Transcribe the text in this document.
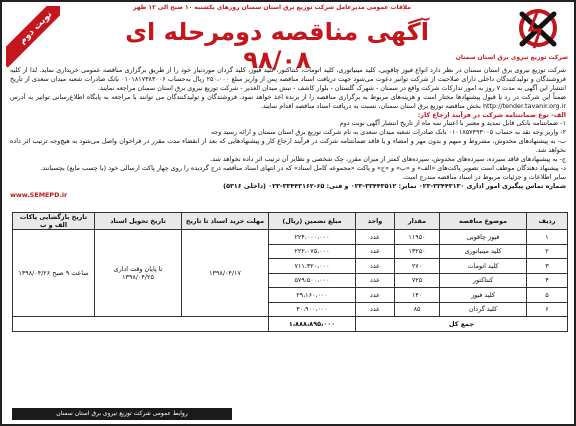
ملاقات عمومی مدیرعامل شرکت توزیع برق استان سمنان روزهای یکشنبه ۱۰ صبح الی ۱۲ ظهر
نوبت دوم
شرکت توزیع نیروی برق استان سمنان
آگهی مناقصه دومرحله ای ۹۸/۰۸

شرکت توزیع نیروی برق استان سمنان در نظر دارد انواع فیوز چاقویی، کلید مینیاتوری، کلید اتومات، کنتاکتور، کلید فیوز، کلید گردان موردنیاز خود را از طریق برگزاری مناقصه عمومی خریداری نماید. لذا از کلیه فروشندگان و تولیدکنندگان داخلی دارای صلاحیت از شرکت توانیر دعوت می‌شود جهت دریافت اسناد مناقصه پس از واریز مبلغ ۲۵۰،۰۰۰ ریال به‌حساب ۰۱۰۱۸۱۷۳۸۳۰۰۶ بانک صادرات شعبه میدان سعدی از تاریخ انتشار این آگهی به مدت ۷ روز به امور تدارکات شرکت واقع در سمنان - شهرک گلستان - بلوار کاشف - نبش میدان الغدیر - شرکت توزیع نیروی برق استان سمنان مراجعه نمایند.

ضمناً این شرکت در رد یا قبول پیشنهادها مختار است و هزینه‌های مربوط به برگزاری مناقصه را از برنده اخذ خواهد نمود. فروشندگان و تولیدکنندگان می توانند با مراجعه به پایگاه اطلاع‌رسانی توانیر به آدرس http://tender.tavanir.org.ir بخش مناقصه توزیع برق استان سمنان، نسبت به دریافت اسناد مناقصه اقدام نمایند.

الف- نوع ضمانتنامه شرکت در فرآیند ارجاع کار:

۱- ضمانتنامه بانکی قابل تمدید و معتبر با اعتبار سه ماه از تاریخ انتشار آگهی نوبت دوم

۲- واریز وجه نقد به حساب ۰۱۰۱۸۵۷۴۹۳۰۰۵ بانک صادرات شعبه میدان سعدی به نام شرکت توزیع برق استان سمنان و ارائه رسید وجه

ب- به پیشنهادهای مخدوش، مشروط و مبهم و بدون مهر و امضاء و یا فاقد ضمانتنامه شرکت در فرآیند ارجاع کار و پیشنهادهایی که بعد از انقضاء مدت مقرر در فراخوان واصل می‌شود به هیچ‌وجه ترتیب اثر داده نخواهد شد.

ج- به پیشنهادهای فاقد سپرده، سپرده‌های مخدوش، سپرده‌های کمتر از میزان مقرر، چک شخصی و نظایر آن ترتیب اثر داده نخواهد شد.

د- پیشنهاد دهندگان موظف است تصویر پاکت‌های «الف» و «ب» و «ج» و پاکت «مجموعه کامل اسناد» که در انتهای اسناد مناقصه درج گردیده را روی چهار پاکت ارسالی خود (با چسب مایع) بچسبانند.

سایر اطلاعات و جزئیات مربوط در اسناد مناقصه مندرج است.

شماره تماس پیگیری امور اداری ۳۳۴۴۳۱۳۰-۰۲۳ نمابر: ۳۳۴۴۳۵۱۲-۰۲۳ و فنی: ۶۵-۳۳۴۴۳۱۶۲-۰۲۳ (داخلی ۵۳۱۶)

www.SEMEPD.ir

ردیف	موضوع مناقصه	مقدار	واحد	مبلغ تضمین (ریال)	مهلت خرید اسناد تا تاریخ	تاریخ تحویل اسناد	تاریخ بازگشایی پاکات الف و ب
۱	فیوز چاقویی	۱۱۹۵۰	عدد	۲۲۴،۰۰۰،۰۰۰	۱۳۹۸/۰۴/۱۷	تا پایان وقت اداری ۱۳۹۸/۰۴/۲۵	ساعت ۹ صبح ۱۳۹۸/۰۴/۲۶
۲	کلید مینیاتوری	۱۳۲۵۰	عدد	۲۲۲،۰۷۵،۰۰۰			
۳	کلید اتومات	۲۷۰	عدد	۷۱۱،۳۲۰،۰۰۰			
۴	کنتاکتور	۷۲۵	عدد	۵۷۹،۵۰۰،۰۰۰			
۵	کلید فیوز	۱۴۰	عدد	۲۹،۱۶۰،۰۰۰			
۶	کلید گردان	۸۵	عدد	۳۰،۹۰۰،۰۰۰			
جمع کل				۱،۸۸۸،۸۹۵،۰۰۰			
روابط عمومی شرکت توزیع نیروی برق استان سمنان
